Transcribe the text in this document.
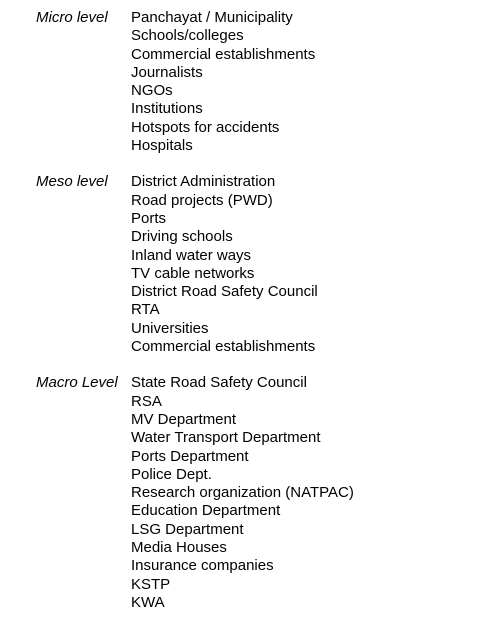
Micro level	Panchayat / Municipality
Schools/colleges
Commercial establishments
Journalists
NGOs
Institutions
Hotspots for accidents
Hospitals
Meso level	District Administration
Road projects (PWD)
Ports
Driving schools
Inland water ways
TV cable networks
District Road Safety Council
RTA
Universities
Commercial establishments
Macro Level State Road Safety Council
RSA
MV Department
Water Transport Department
Ports Department
Police Dept.
Research organization (NATPAC)
Education Department
LSG Department
Media Houses
Insurance companies
KSTP
KWA
